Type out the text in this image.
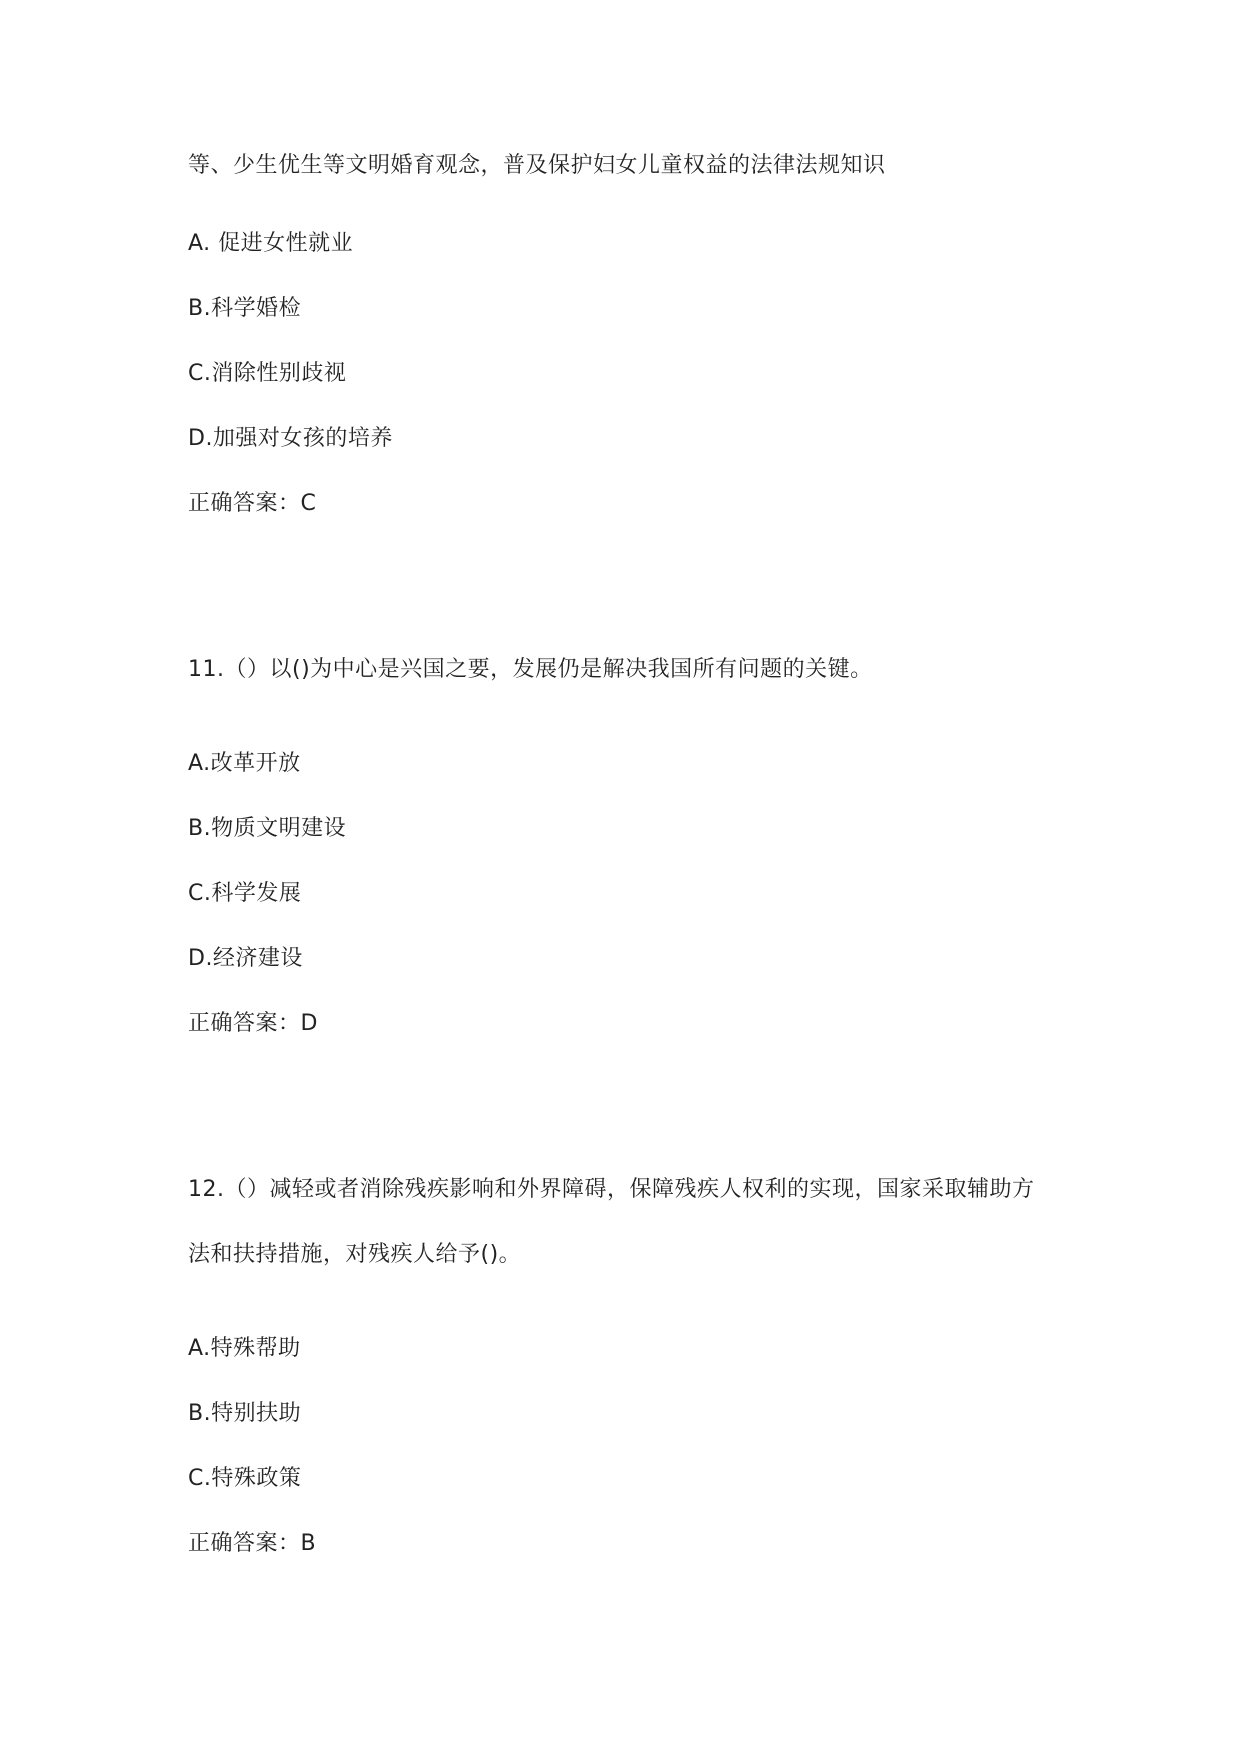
等、少生优生等文明婚育观念，普及保护妇女儿童权益的法律法规知识
A. 促进女性就业
B.科学婚检
C.消除性别歧视
D.加强对女孩的培养
正确答案：C
11.（）以()为中心是兴国之要，发展仍是解决我国所有问题的关键。
A.改革开放
B.物质文明建设
C.科学发展
D.经济建设
正确答案：D
12.（）减轻或者消除残疾影响和外界障碍，保障残疾人权利的实现，国家采取辅助方
法和扶持措施，对残疾人给予()。
A.特殊帮助
B.特别扶助
C.特殊政策
正确答案：B
